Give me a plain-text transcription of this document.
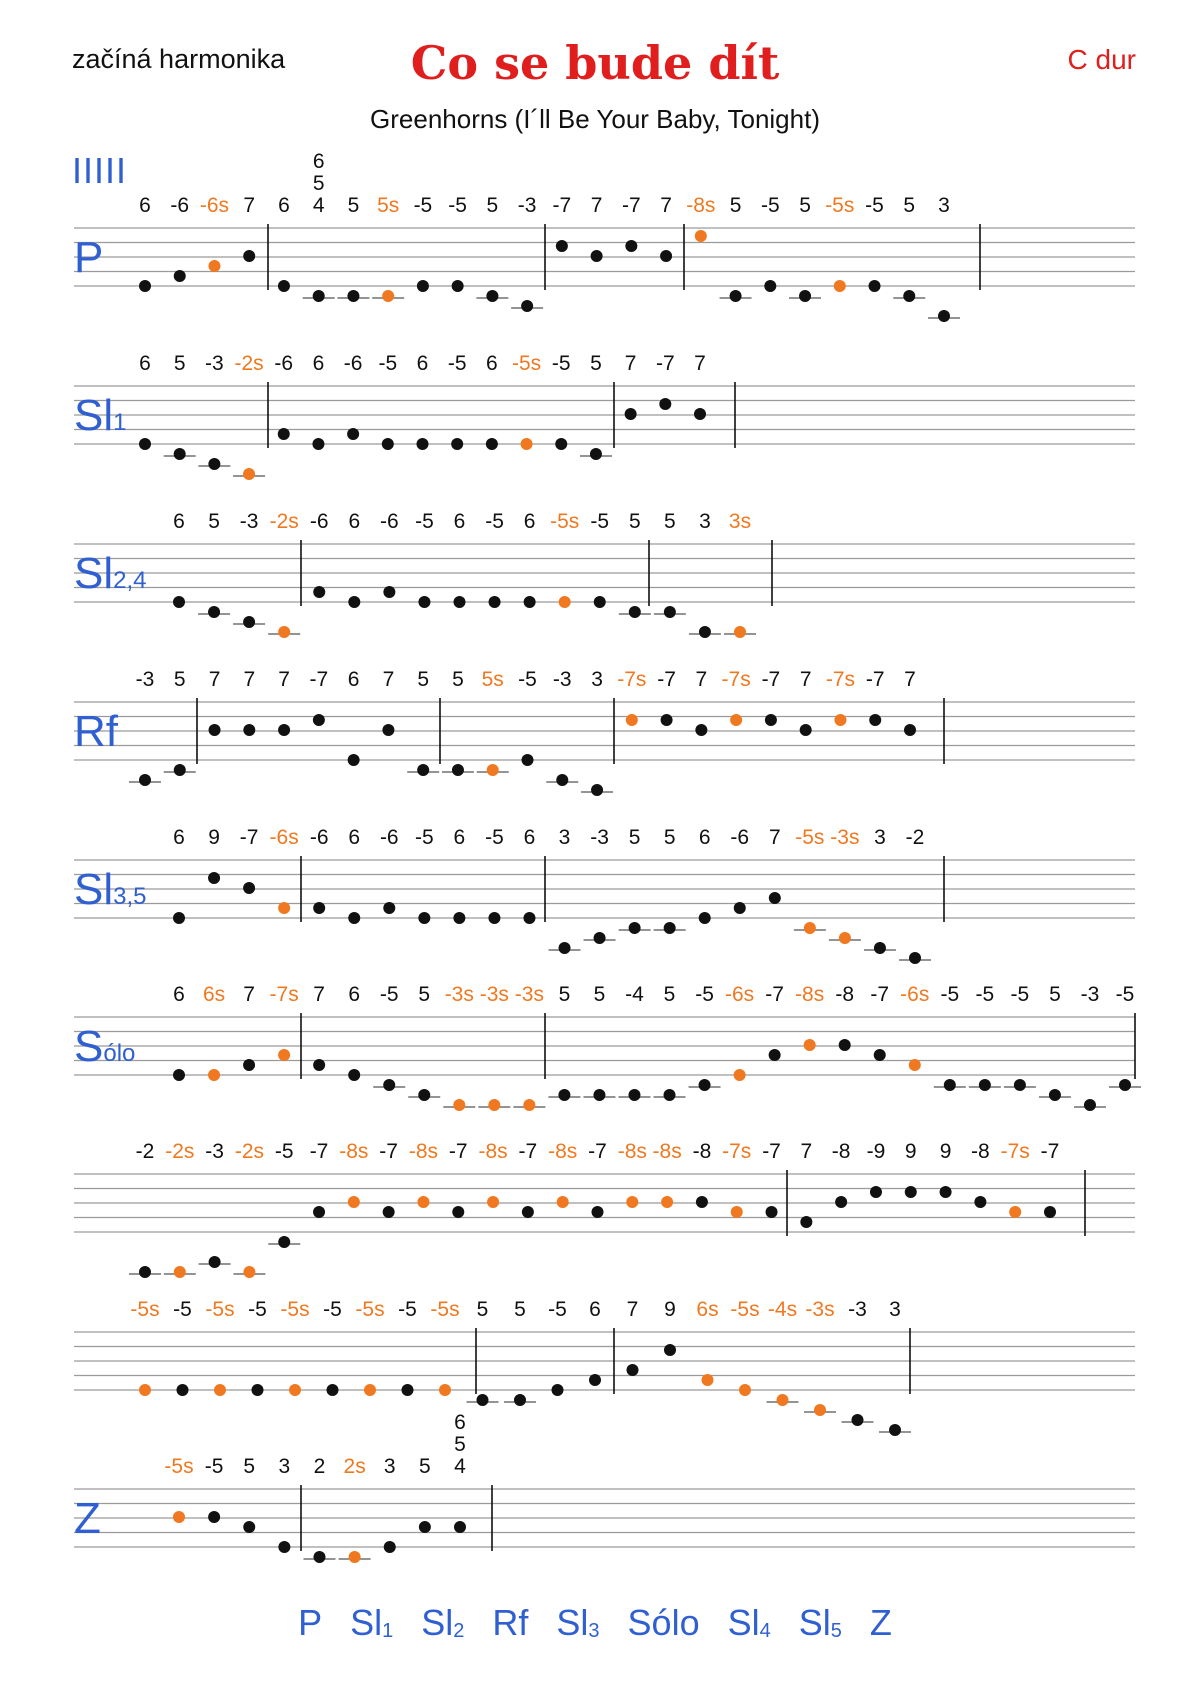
začíná harmonika	Co se bude dít	C dur
Greenhorns (I´ll Be Your Baby, Tonight)
IIIII
P
6 -6 -6s 7 6
6
5
4 5 5s -5 -5 5 -3 -7 7 -7 7 -8s 5 -5 5 -5s -5 5 3
Sl1
6 5 -3 -2s -6 6 -6 -5 6 -5 6 -5s -5 5 7 -7 7
Sl2,4
6 5 -3 -2s -6 6 -6 -5 6 -5 6 -5s -5 5 5 3 3s
Rf
-3 5 7 7 7 -7 6 7 5 5 5s -5 -3 3 -7s -7 7 -7s -7 7 -7s -7 7
Sl3,5
6 9 -7 -6s -6 6 -6 -5 6 -5 6 3 -3 5 5 6 -6 7 -5s -3s 3 -2
Sólo
6 6s 7 -7s 7 6 -5 5 -3s -3s -3s 5 5 -4 5 -5 -6s -7 -8s -8 -7 -6s -5 -5 -5 5 -3 -5
-2 -2s -3 -2s -5 -7 -8s -7 -8s -7 -8s -7 -8s -7 -8s -8s -8 -7s -7 7 -8 -9 9 9 -8 -7s -7
-5s -5 -5s -5 -5s -5 -5s -5 -5s 5 5 -5 6 7 9 6s -5s -4s -3s -3 3
Z
-5s -5 5 3 2 2s 3 5
6
5
4
P $Sl_1$ $Sl_2$ Rf $Sl_3$ Sólo $Sl_4$ $Sl_5$ Z
